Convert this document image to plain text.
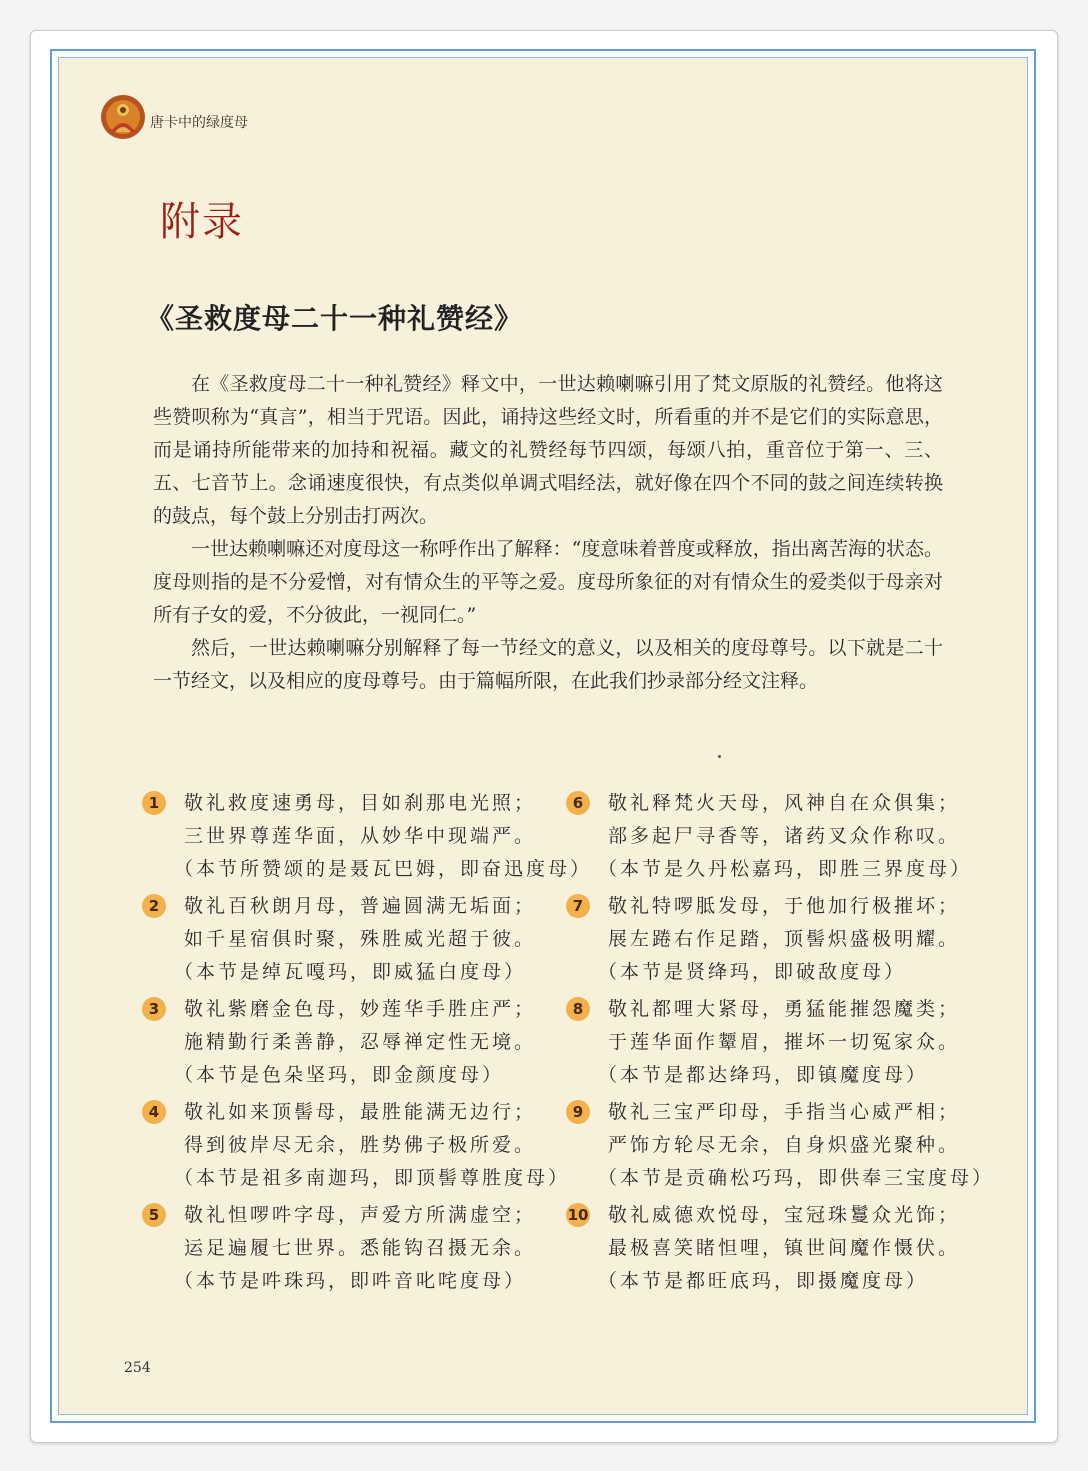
唐卡中的绿度母
附录
《圣救度母二十一种礼赞经》

在《圣救度母二十一种礼赞经》释文中，一世达赖喇嘛引用了梵文原版的礼赞经。他将这些赞呗称为“真言”，相当于咒语。因此，诵持这些经文时，所看重的并不是它们的实际意思，而是诵持所能带来的加持和祝福。藏文的礼赞经每节四颂，每颂八拍，重音位于第一、三、五、七音节上。念诵速度很快，有点类似单调式唱经法，就好像在四个不同的鼓之间连续转换的鼓点，每个鼓上分别击打两次。

一世达赖喇嘛还对度母这一称呼作出了解释：“度意味着普度或释放，指出离苦海的状态。度母则指的是不分爱憎，对有情众生的平等之爱。度母所象征的对有情众生的爱类似于母亲对所有子女的爱，不分彼此，一视同仁。”

然后，一世达赖喇嘛分别解释了每一节经文的意义，以及相关的度母尊号。以下就是二十一节经文，以及相应的度母尊号。由于篇幅所限，在此我们抄录部分经文注释。

1	敬礼救度速勇母，目如刹那电光照；
三世界尊莲华面，从妙华中现端严。
（本节所赞颂的是聂瓦巴姆，即奋迅度母）
2	敬礼百秋朗月母，普遍圆满无垢面；
如千星宿俱时聚，殊胜威光超于彼。
（本节是绰瓦嘎玛，即威猛白度母）
3	敬礼紫磨金色母，妙莲华手胜庄严；
施精勤行柔善静，忍辱禅定性无境。
（本节是色朵坚玛，即金颜度母）
4	敬礼如来顶髻母，最胜能满无边行；
得到彼岸尽无余，胜势佛子极所爱。
（本节是祖多南迦玛，即顶髻尊胜度母）
5	敬礼怛啰吽字母，声爱方所满虚空；
运足遍履七世界。悉能钩召摄无余。
（本节是吽珠玛，即吽音叱咤度母）
6	敬礼释梵火天母，风神自在众俱集；
部多起尸寻香等，诸药叉众作称叹。
（本节是久丹松嘉玛，即胜三界度母）
7	敬礼特啰胝发母，于他加行极摧坏；
展左踡右作足踏，顶髻炽盛极明耀。
（本节是贤绛玛，即破敌度母）
8	敬礼都哩大紧母，勇猛能摧怨魔类；
于莲华面作颦眉，摧坏一切冤家众。
（本节是都达绛玛，即镇魔度母）
9	敬礼三宝严印母，手指当心威严相；
严饰方轮尽无余，自身炽盛光聚种。
（本节是贡确松巧玛，即供奉三宝度母）
10	敬礼威德欢悦母，宝冠珠鬘众光饰；
最极喜笑睹怛哩，镇世间魔作慑伏。
（本节是都旺底玛，即摄魔度母）
254
